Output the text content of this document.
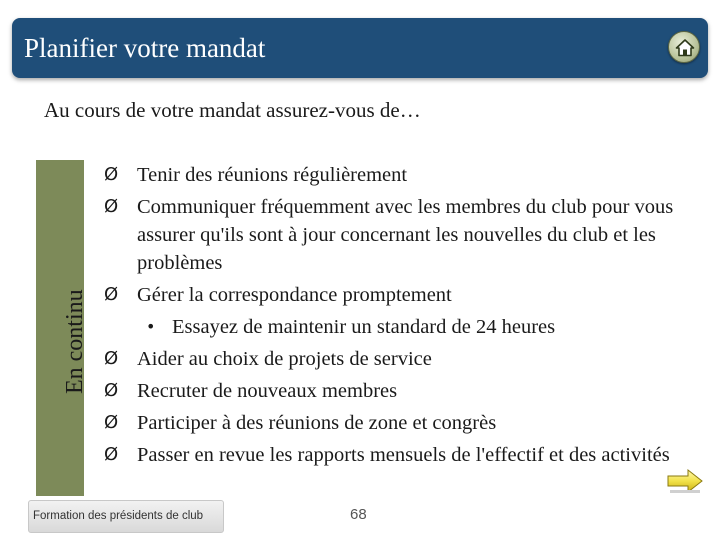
Planifier votre mandat
Au cours de votre mandat assurez-vous de…
En continu
Ø Tenir des réunions régulièrement
Ø Communiquer fréquemment avec les membres du club pour vous assurer qu'ils sont à jour concernant les nouvelles du club et les problèmes
Ø Gérer la correspondance promptement
• Essayez de maintenir un standard de 24 heures
Ø Aider au choix de projets de service
Ø Recruter de nouveaux membres
Ø Participer à des réunions de zone et congrès
Ø Passer en revue les rapports mensuels de l'effectif et des activités
Formation des présidents de club	68
